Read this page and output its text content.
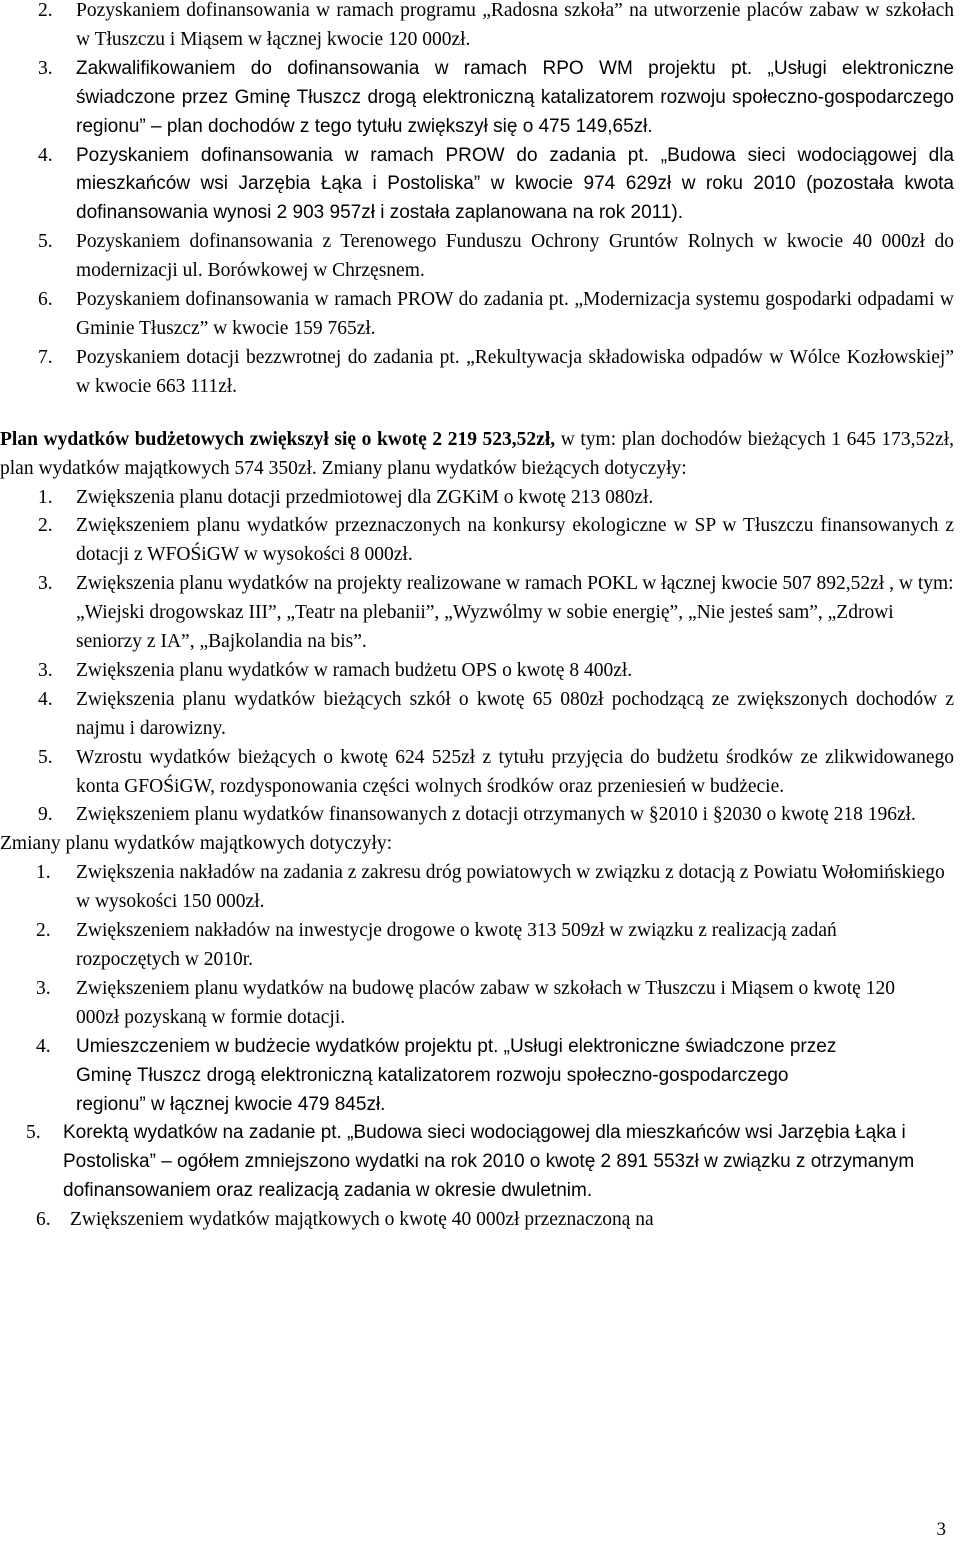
2.	Pozyskaniem dofinansowania w ramach programu „Radosna szkoła” na utworzenie placów zabaw w szkołach w Tłuszczu i Miąsem w łącznej kwocie 120 000zł.
3.	Zakwalifikowaniem do dofinansowania w ramach RPO WM projektu pt. „Usługi elektroniczne świadczone przez Gminę Tłuszcz drogą elektroniczną katalizatorem rozwoju społeczno-gospodarczego regionu” – plan dochodów z tego tytułu zwiększył się o 475 149,65zł.
4.	Pozyskaniem dofinansowania w ramach PROW do zadania pt. „Budowa sieci wodociągowej dla mieszkańców wsi Jarzębia Łąka i Postoliska” w kwocie 974 629zł w roku 2010 (pozostała kwota dofinansowania wynosi 2 903 957zł i została zaplanowana na rok 2011).
5.	Pozyskaniem dofinansowania z Terenowego Funduszu Ochrony Gruntów Rolnych w kwocie 40 000zł do modernizacji ul. Borówkowej w Chrzęsnem.
6.	Pozyskaniem dofinansowania w ramach PROW do zadania pt. „Modernizacja systemu gospodarki odpadami w Gminie Tłuszcz” w kwocie 159 765zł.
7.	Pozyskaniem dotacji bezzwrotnej do zadania pt. „Rekultywacja składowiska odpadów w Wólce Kozłowskiej” w kwocie 663 111zł.
Plan wydatków budżetowych zwiększył się o kwotę 2 219 523,52zł, w tym: plan dochodów bieżących 1 645 173,52zł, plan wydatków majątkowych 574 350zł. Zmiany planu wydatków bieżących dotyczyły:
1.	Zwiększenia planu dotacji przedmiotowej dla ZGKiM o kwotę 213 080zł.
2.	Zwiększeniem planu wydatków przeznaczonych na konkursy ekologiczne w SP w Tłuszczu finansowanych z dotacji z WFOŚiGW w wysokości 8 000zł.
3.	Zwiększenia planu wydatków na projekty realizowane w ramach POKL w łącznej kwocie 507 892,52zł , w tym: „Wiejski drogowskaz III”, „Teatr na plebanii”, „Wyzwólmy w sobie energię”, „Nie jesteś sam”, „Zdrowi seniorzy z IA”, „Bajkolandia na bis”.
3.	Zwiększenia planu wydatków w ramach budżetu OPS o kwotę 8 400zł.
4.	Zwiększenia planu wydatków bieżących szkół o kwotę 65 080zł pochodzącą ze zwiększonych dochodów z najmu i darowizny.
5.	Wzrostu wydatków bieżących o kwotę 624 525zł z tytułu przyjęcia do budżetu środków ze zlikwidowanego konta GFOŚiGW, rozdysponowania części wolnych środków oraz przeniesień w budżecie.
9.	Zwiększeniem planu wydatków finansowanych z dotacji otrzymanych w §2010 i §2030 o kwotę 218 196zł.
Zmiany planu wydatków majątkowych dotyczyły:
1.	Zwiększenia nakładów na zadania z zakresu dróg powiatowych w związku z dotacją z Powiatu Wołomińskiego w wysokości 150 000zł.
2.	Zwiększeniem nakładów na inwestycje drogowe o kwotę 313 509zł w związku z realizacją zadań rozpoczętych w 2010r.
3.	Zwiększeniem planu wydatków na budowę placów zabaw w szkołach w Tłuszczu i Miąsem o kwotę 120 000zł pozyskaną w formie dotacji.
4.	Umieszczeniem w budżecie wydatków projektu pt. „Usługi elektroniczne świadczone przez Gminę Tłuszcz drogą elektroniczną katalizatorem rozwoju społeczno-gospodarczego regionu” w łącznej kwocie 479 845zł.
5.	Korektą wydatków na zadanie pt. „Budowa sieci wodociągowej dla mieszkańców wsi Jarzębia Łąka i Postoliska” – ogółem zmniejszono wydatki na rok 2010 o kwotę 2 891 553zł w związku z otrzymanym dofinansowaniem oraz realizacją zadania w okresie dwuletnim.
6. Zwiększeniem wydatków majątkowych o kwotę 40 000zł przeznaczoną na
3
